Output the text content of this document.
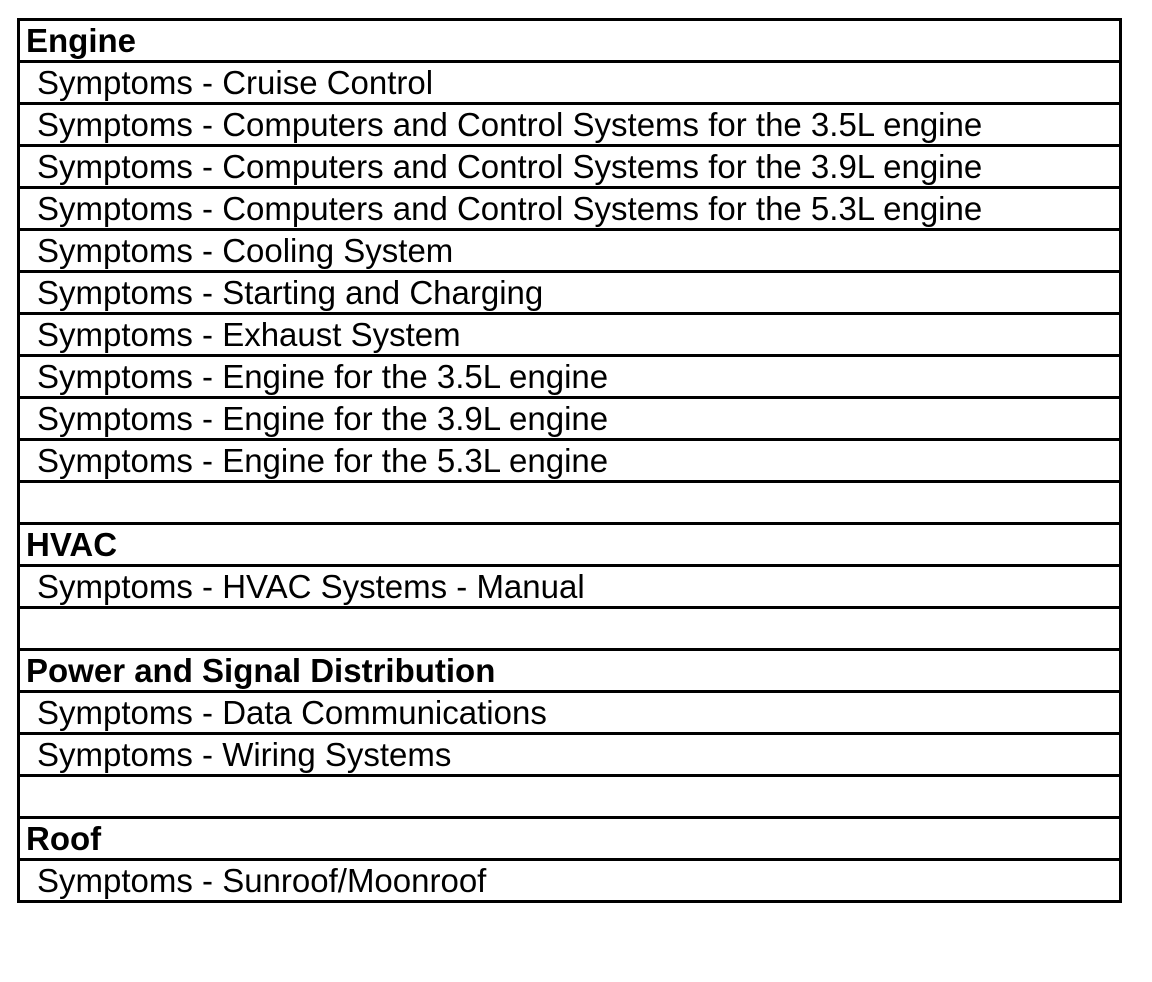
Engine
Symptoms - Cruise Control
Symptoms - Computers and Control Systems for the 3.5L engine
Symptoms - Computers and Control Systems for the 3.9L engine
Symptoms - Computers and Control Systems for the 5.3L engine
Symptoms - Cooling System
Symptoms - Starting and Charging
Symptoms - Exhaust System
Symptoms - Engine for the 3.5L engine
Symptoms - Engine for the 3.9L engine
Symptoms - Engine for the 5.3L engine

HVAC
Symptoms - HVAC Systems - Manual

Power and Signal Distribution
Symptoms - Data Communications
Symptoms - Wiring Systems

Roof
Symptoms - Sunroof/Moonroof
